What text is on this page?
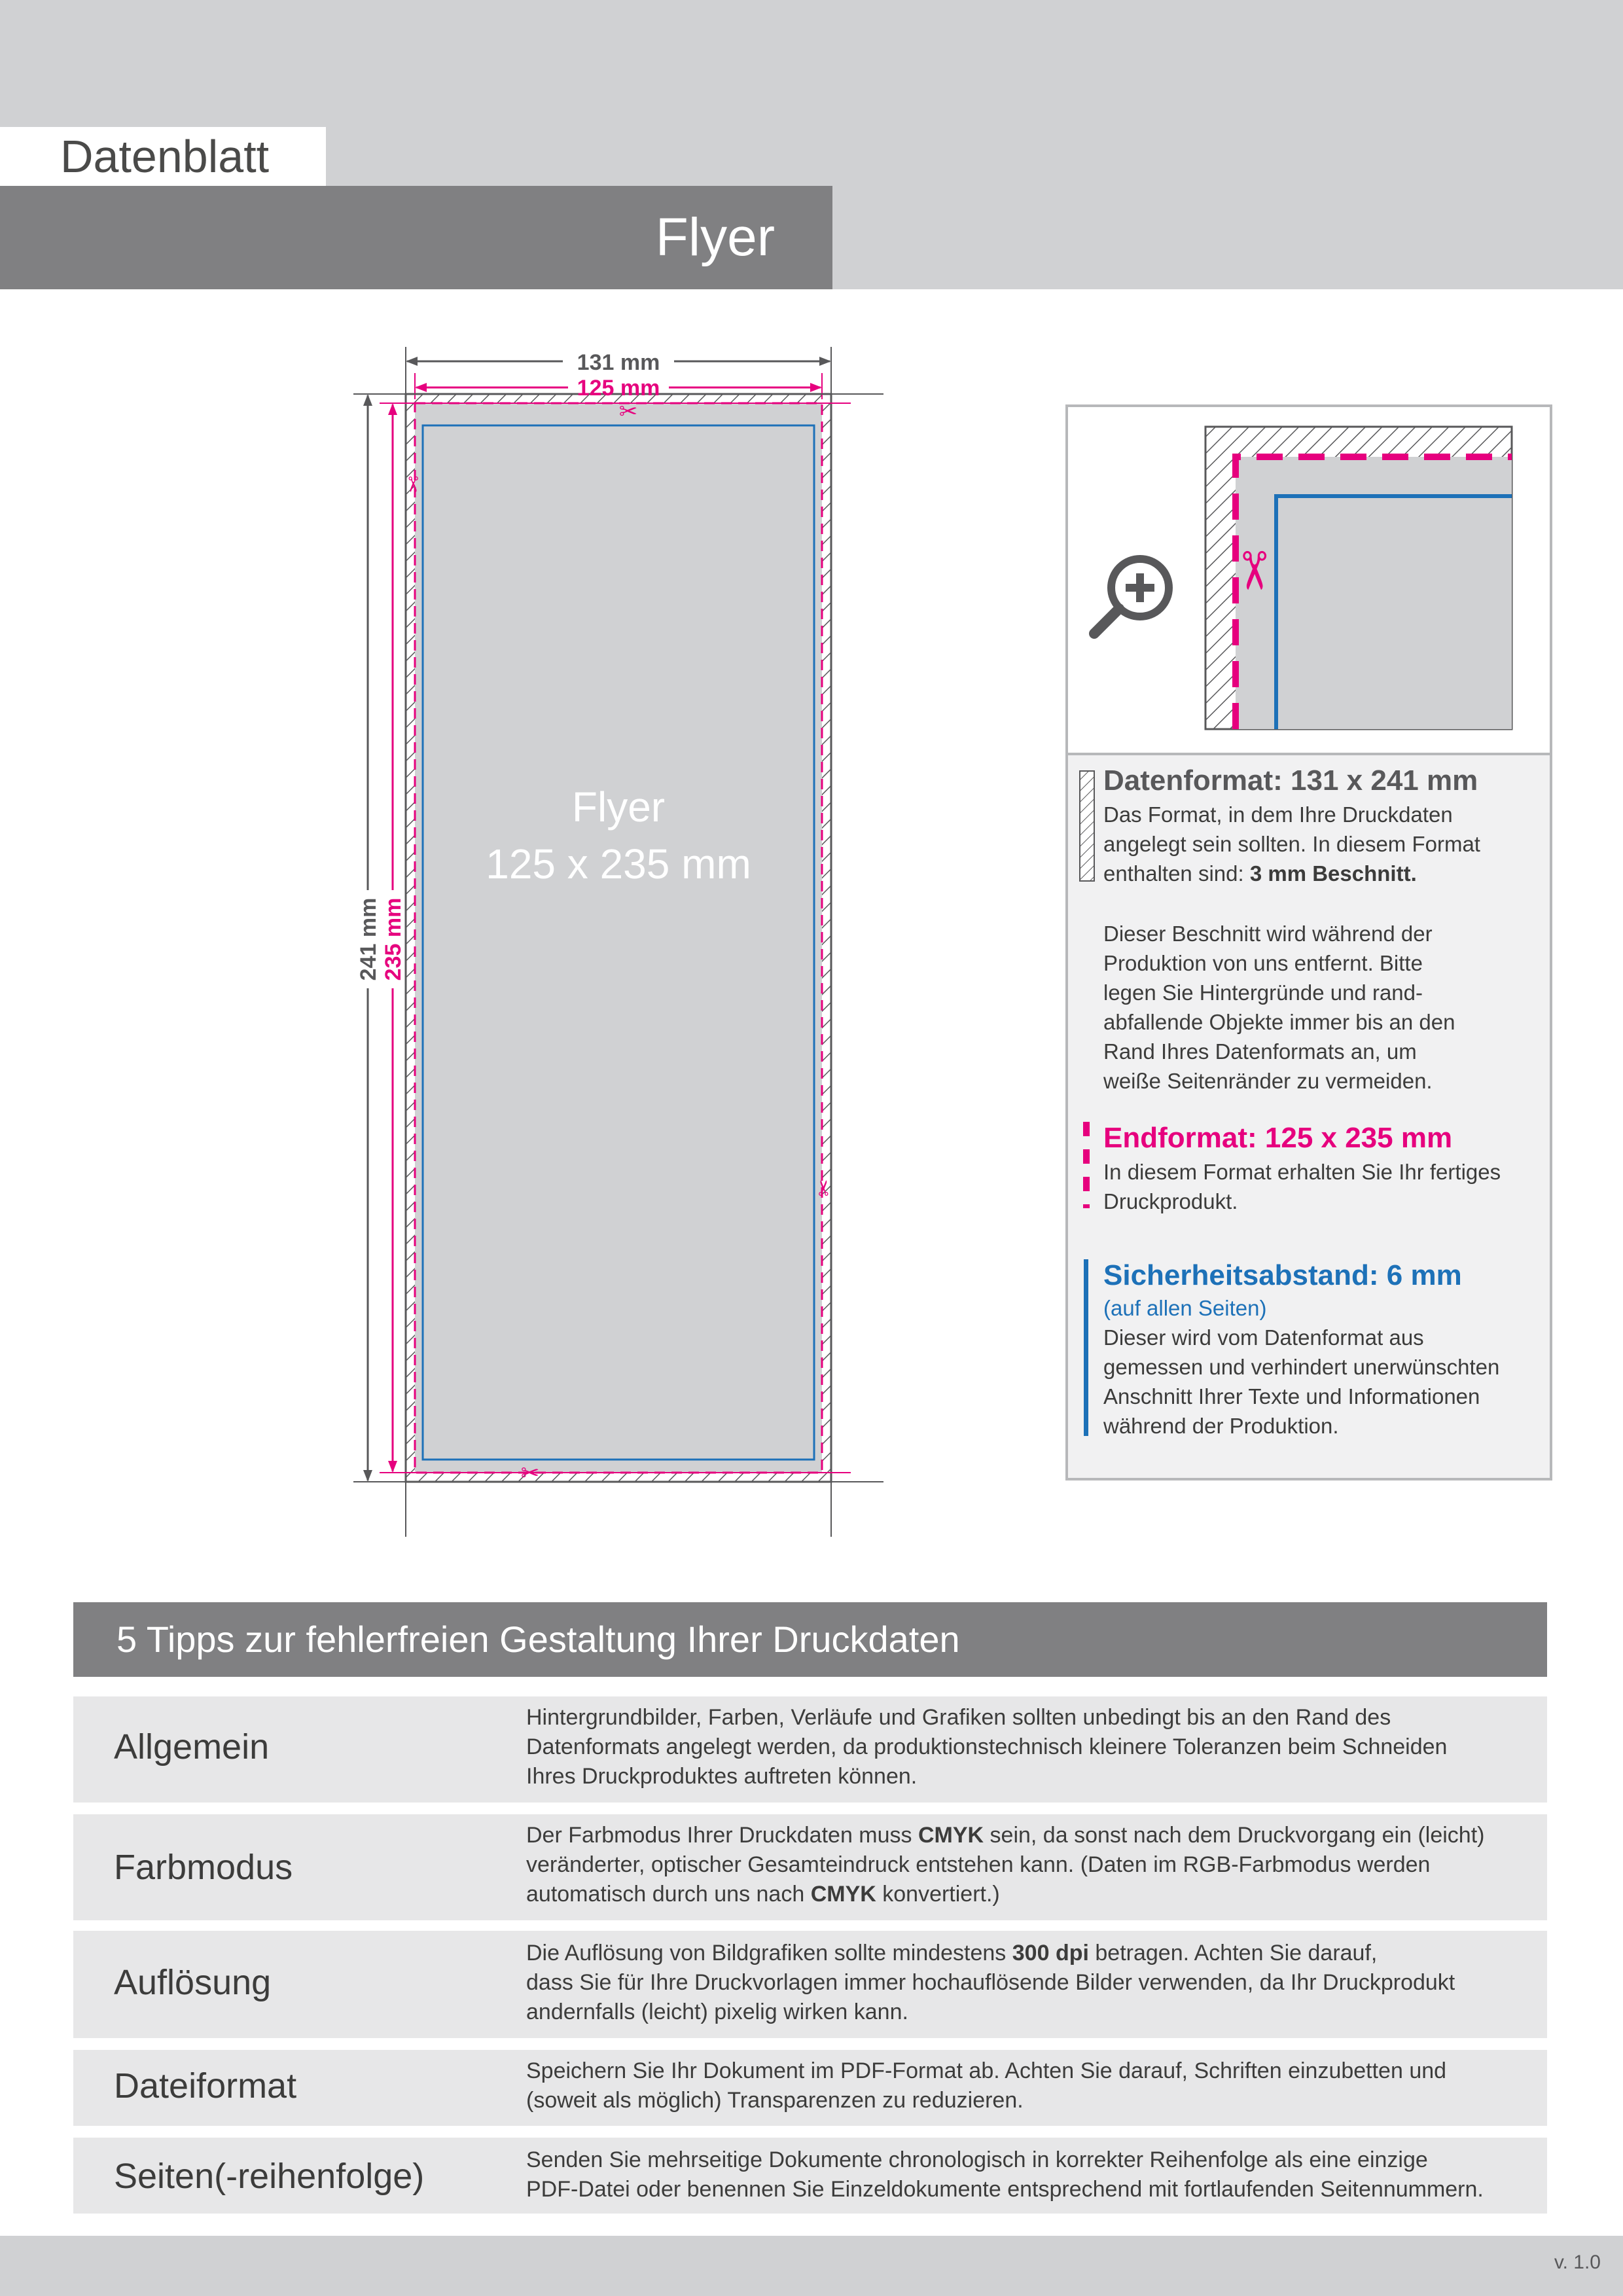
Datenblatt
Flyer
131 mm
125 mm
241 mm 235 mm
✂
✂
✂
✂
Flyer
125 x 235 mm
✂
Datenformat: 131 x 241 mm
Das Format, in dem Ihre Druckdaten
angelegt sein sollten. In diesem Format
enthalten sind: 3 mm Beschnitt.
Dieser Beschnitt wird während der
Produktion von uns entfernt. Bitte
legen Sie Hintergründe und rand-
abfallende Objekte immer bis an den
Rand Ihres Datenformats an, um
weiße Seitenränder zu vermeiden.
Endformat: 125 x 235 mm
In diesem Format erhalten Sie Ihr fertiges
Druckprodukt.
Sicherheitsabstand: 6 mm
(auf allen Seiten)
Dieser wird vom Datenformat aus
gemessen und verhindert unerwünschten
Anschnitt Ihrer Texte und Informationen
während der Produktion.
5 Tipps zur fehlerfreien Gestaltung Ihrer Druckdaten
Allgemein
Hintergrundbilder, Farben, Verläufe und Grafiken sollten unbedingt bis an den Rand des
Datenformats angelegt werden, da produktionstechnisch kleinere Toleranzen beim Schneiden
Ihres Druckproduktes auftreten können.
Farbmodus
Der Farbmodus Ihrer Druckdaten muss CMYK sein, da sonst nach dem Druckvorgang ein (leicht)
veränderter, optischer Gesamteindruck entstehen kann. (Daten im RGB-Farbmodus werden
automatisch durch uns nach CMYK konvertiert.)
Auflösung
Die Auflösung von Bildgrafiken sollte mindestens 300 dpi betragen. Achten Sie darauf,
dass Sie für Ihre Druckvorlagen immer hochauflösende Bilder verwenden, da Ihr Druckprodukt
andernfalls (leicht) pixelig wirken kann.
Dateiformat	Speichern Sie Ihr Dokument im PDF-Format ab. Achten Sie darauf, Schriften einzubetten und
(soweit als möglich) Transparenzen zu reduzieren.
Seiten(-reihenfolge)	Senden Sie mehrseitige Dokumente chronologisch in korrekter Reihenfolge als eine einzige
PDF-Datei oder benennen Sie Einzeldokumente entsprechend mit fortlaufenden Seitennummern.
v. 1.0
